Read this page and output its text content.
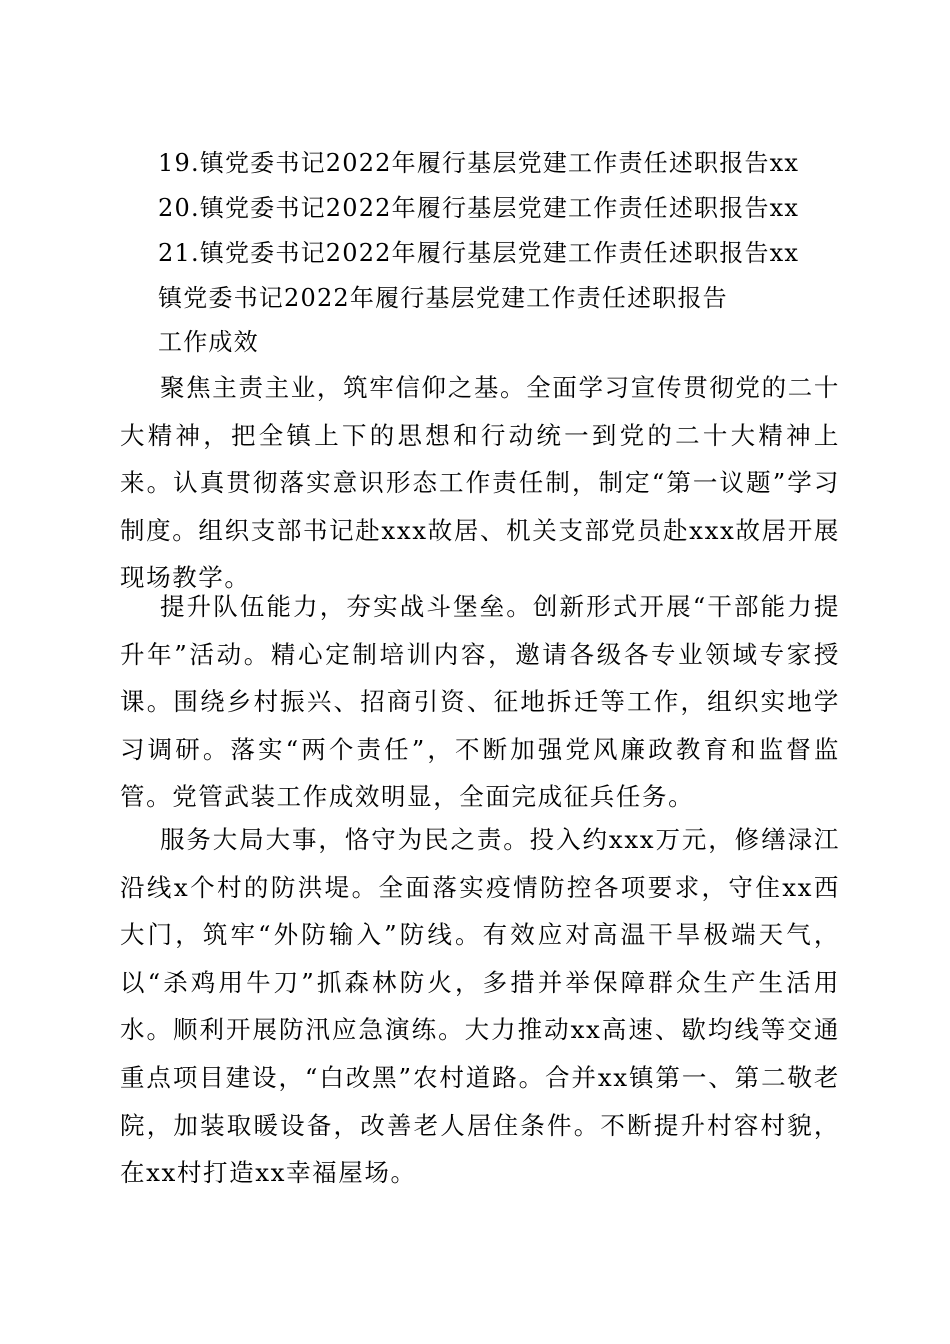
19.镇党委书记2022年履行基层党建工作责任述职报告xx
20.镇党委书记2022年履行基层党建工作责任述职报告xx
21.镇党委书记2022年履行基层党建工作责任述职报告xx
镇党委书记2022年履行基层党建工作责任述职报告
工作成效
聚焦主责主业，筑牢信仰之基。全面学习宣传贯彻党的二十大精神，把全镇上下的思想和行动统一到党的二十大精神上来。认真贯彻落实意识形态工作责任制，制定“第一议题”学习制度。组织支部书记赴xxx故居、机关支部党员赴xxx故居开展现场教学。
提升队伍能力，夯实战斗堡垒。创新形式开展“干部能力提升年”活动。精心定制培训内容，邀请各级各专业领域专家授课。围绕乡村振兴、招商引资、征地拆迁等工作，组织实地学习调研。落实“两个责任”，不断加强党风廉政教育和监督监管。党管武装工作成效明显，全面完成征兵任务。
服务大局大事，恪守为民之责。投入约xxx万元，修缮渌江沿线x个村的防洪堤。全面落实疫情防控各项要求，守住xx西大门，筑牢“外防输入”防线。有效应对高温干旱极端天气，以“杀鸡用牛刀”抓森林防火，多措并举保障群众生产生活用水。顺利开展防汛应急演练。大力推动xx高速、歇均线等交通重点项目建设，“白改黑”农村道路。合并xx镇第一、第二敬老院，加装取暖设备，改善老人居住条件。不断提升村容村貌，在xx村打造xx幸福屋场。
